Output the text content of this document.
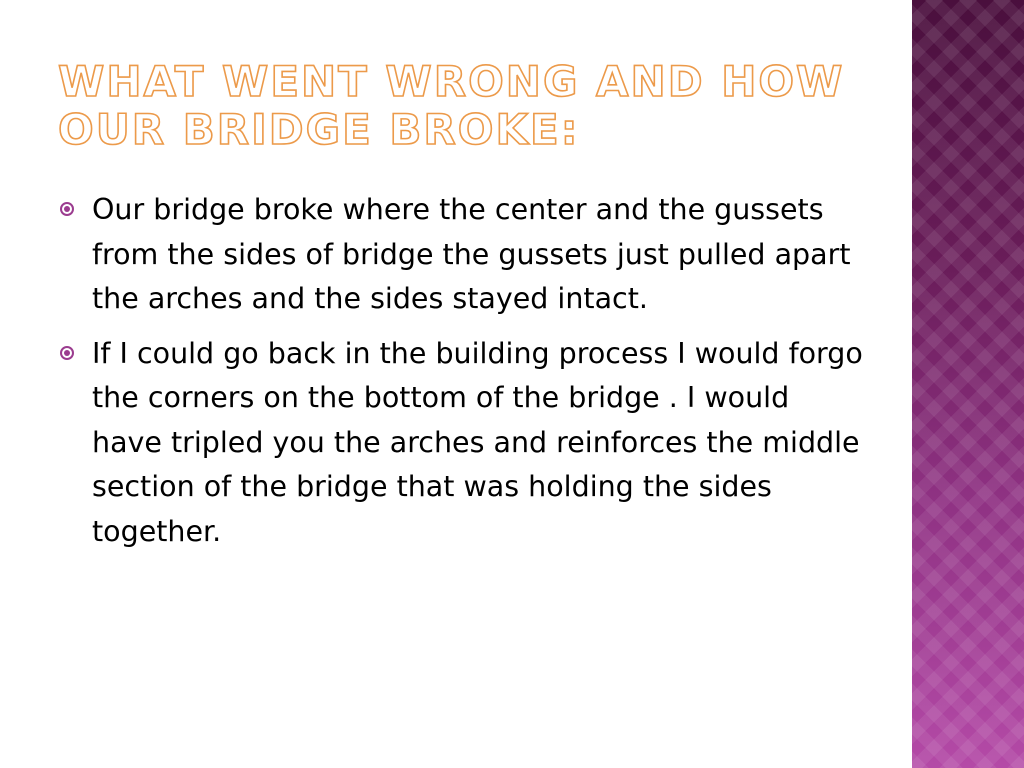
WHAT WENT WRONG AND HOW
OUR BRIDGE BROKE:
Our bridge broke where the center and the gussets from the sides of bridge the gussets just pulled apart the arches and the sides stayed intact.
If I could go back in the building process I would forgo the corners on the bottom of the bridge . I would have tripled you the arches and reinforces the middle section of the bridge that was holding the sides together.
